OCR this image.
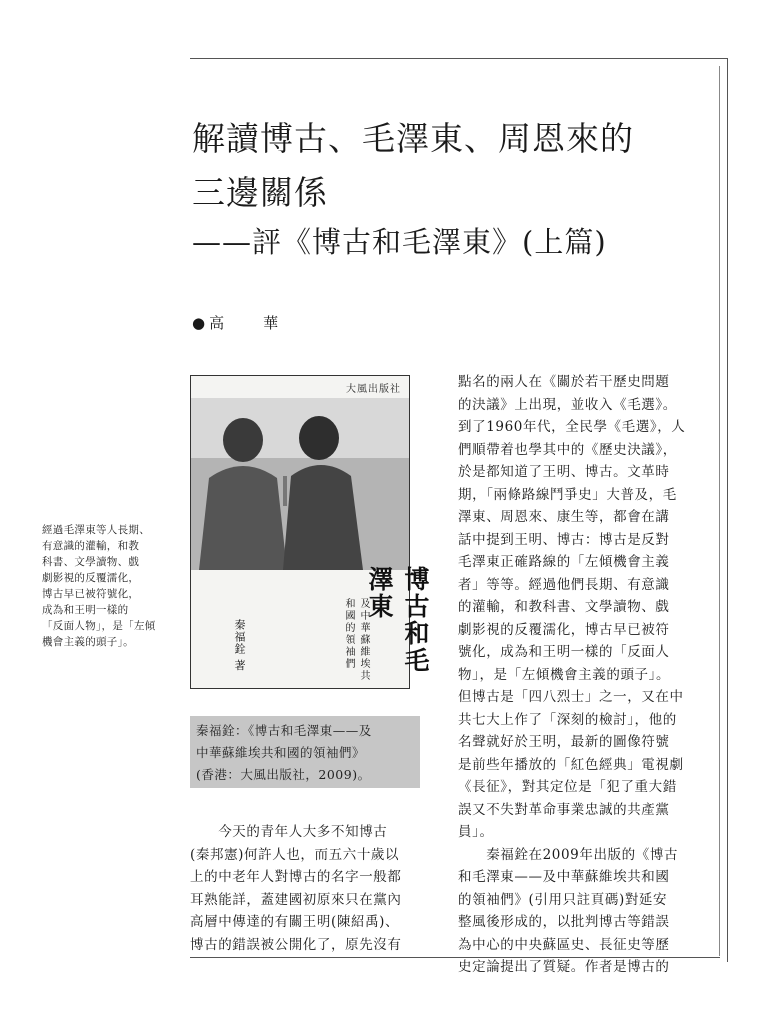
解讀博古、毛澤東、周恩來的
三邊關係
——評《博古和毛澤東》(上篇)
●高　華
經過毛澤東等人長期、
有意識的灌輸，和教
科書、文學讀物、戲
劇影視的反覆濡化，
博古早已被符號化，
成為和王明一樣的
「反面人物」，是「左傾
機會主義的頭子」。
大風出版社
博古和毛澤東
及中華蘇維埃共和國的領袖們
秦福銓 著
秦福銓：《博古和毛澤東——及
中華蘇維埃共和國的領袖們》
(香港：大風出版社，2009)。
　　今天的青年人大多不知博古
(秦邦憲)何許人也，而五六十歲以
上的中老年人對博古的名字一般都
耳熟能詳，蓋建國初原來只在黨內
高層中傳達的有關王明(陳紹禹)、
博古的錯誤被公開化了，原先沒有
點名的兩人在《關於若干歷史問題
的決議》上出現，並收入《毛選》。
到了1960年代，全民學《毛選》，人
們順帶着也學其中的《歷史決議》，
於是都知道了王明、博古。文革時
期，「兩條路線鬥爭史」大普及，毛
澤東、周恩來、康生等，都會在講
話中提到王明、博古：博古是反對
毛澤東正確路線的「左傾機會主義
者」等等。經過他們長期、有意識
的灌輸，和教科書、文學讀物、戲
劇影視的反覆濡化，博古早已被符
號化，成為和王明一樣的「反面人
物」，是「左傾機會主義的頭子」。
但博古是「四八烈士」之一，又在中
共七大上作了「深刻的檢討」，他的
名聲就好於王明，最新的圖像符號
是前些年播放的「紅色經典」電視劇
《長征》，對其定位是「犯了重大錯
誤又不失對革命事業忠誠的共產黨
員」。
　　秦福銓在2009年出版的《博古
和毛澤東——及中華蘇維埃共和國
的領袖們》(引用只註頁碼)對延安
整風後形成的，以批判博古等錯誤
為中心的中央蘇區史、長征史等歷
史定論提出了質疑。作者是博古的
